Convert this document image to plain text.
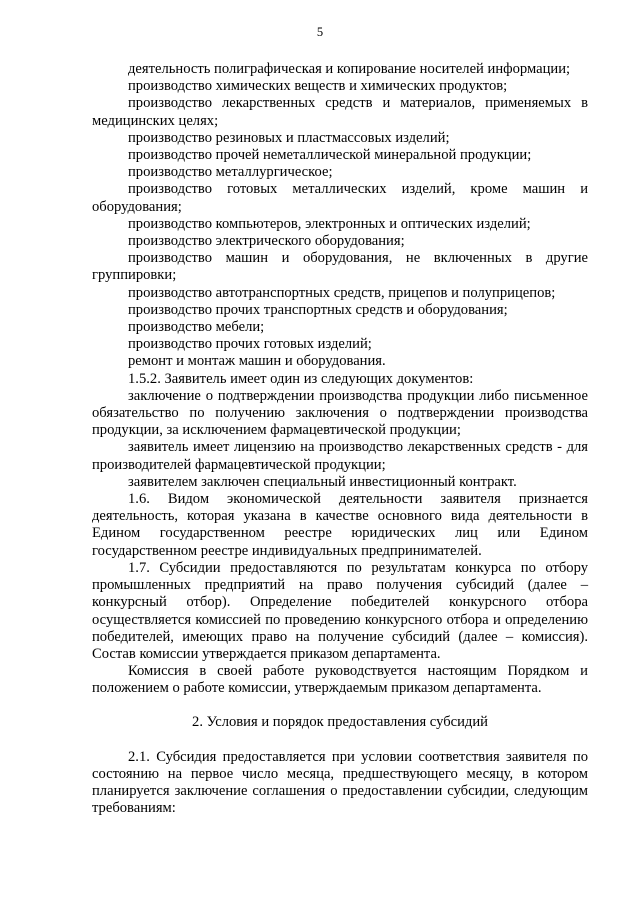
5

деятельность полиграфическая и копирование носителей информации;

производство химических веществ и химических продуктов;

производство лекарственных средств и материалов, применяемых в медицинских целях;

производство резиновых и пластмассовых изделий;

производство прочей неметаллической минеральной продукции;

производство металлургическое;

производство готовых металлических изделий, кроме машин и оборудования;

производство компьютеров, электронных и оптических изделий;

производство электрического оборудования;

производство машин и оборудования, не включенных в другие группировки;

производство автотранспортных средств, прицепов и полуприцепов;

производство прочих транспортных средств и оборудования;

производство мебели;

производство прочих готовых изделий;

ремонт и монтаж машин и оборудования.

1.5.2. Заявитель имеет один из следующих документов:

заключение о подтверждении производства продукции либо письменное обязательство по получению заключения о подтверждении производства продукции, за исключением фармацевтической продукции;

заявитель имеет лицензию на производство лекарственных средств - для производителей фармацевтической продукции;

заявителем заключен специальный инвестиционный контракт.

1.6. Видом экономической деятельности заявителя признается деятельность, которая указана в качестве основного вида деятельности в Едином государственном реестре юридических лиц или Едином государственном реестре индивидуальных предпринимателей.

1.7. Субсидии предоставляются по результатам конкурса по отбору промышленных предприятий на право получения субсидий (далее – конкурсный отбор). Определение победителей конкурсного отбора осуществляется комиссией по проведению конкурсного отбора и определению победителей, имеющих право на получение субсидий (далее – комиссия). Состав комиссии утверждается приказом департамента.

Комиссия в своей работе руководствуется настоящим Порядком и положением о работе комиссии, утверждаемым приказом департамента.

2. Условия и порядок предоставления субсидий

2.1. Субсидия предоставляется при условии соответствия заявителя по состоянию на первое число месяца, предшествующего месяцу, в котором планируется заключение соглашения о предоставлении субсидии, следующим требованиям:
